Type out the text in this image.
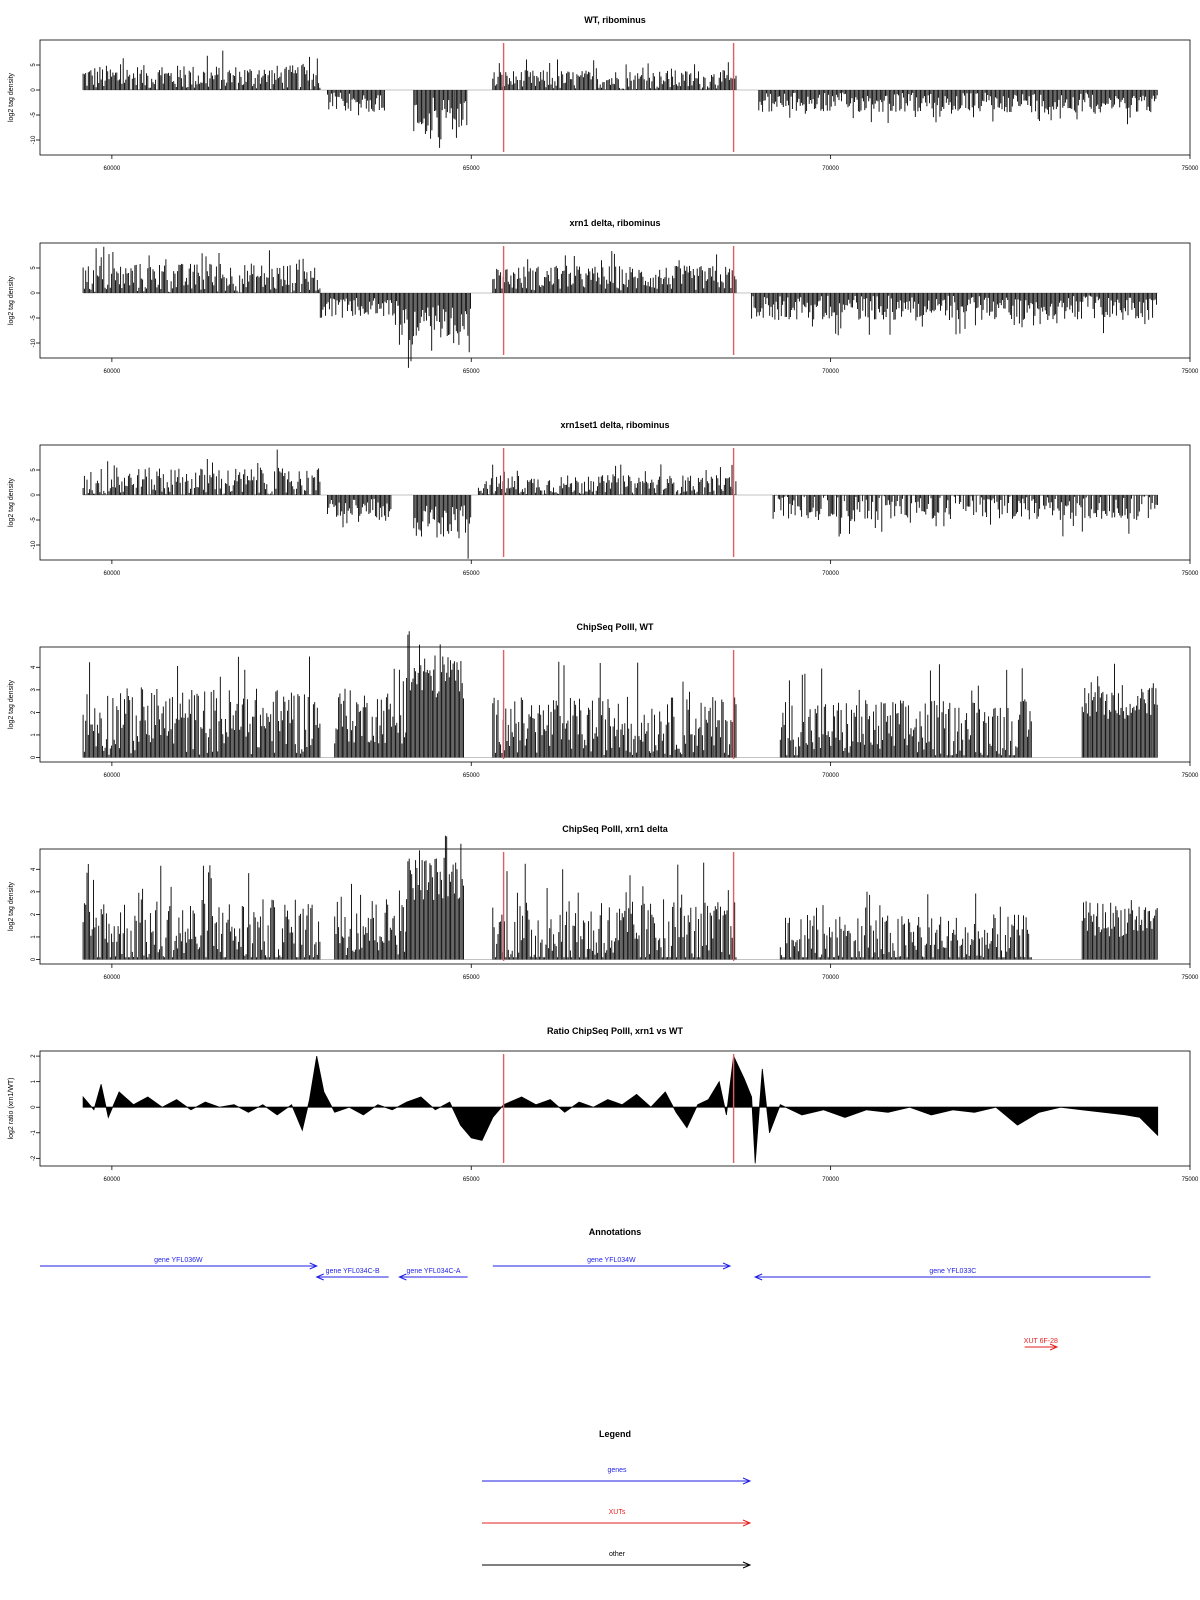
WT, ribominus
60000	65000	70000	75000
-10
-5
0
5
log2 tag density
xrn1 delta, ribominus
60000	65000	70000	75000
-10
-5
0
5
log2 tag density
xrn1set1 delta, ribominus
60000	65000	70000	75000
-10
-5
0
5
log2 tag density
ChipSeq PolII, WT
60000	65000	70000	75000
0
1
2
3
4
log2 tag density
ChipSeq PolII, xrn1 delta
60000	65000	70000	75000
0
1
2
3
4
log2 tag density
Ratio ChipSeq PolII, xrn1 vs WT
60000	65000	70000	75000
-2
-1
0
1
2
log2 ratio (xrn1/WT)
Annotations
gene YFL036W
gene YFL034C-B	gene YFL034C-A
gene YFL034W
gene YFL033C
XUT 6F-28
Legend
genes
XUTs
other
